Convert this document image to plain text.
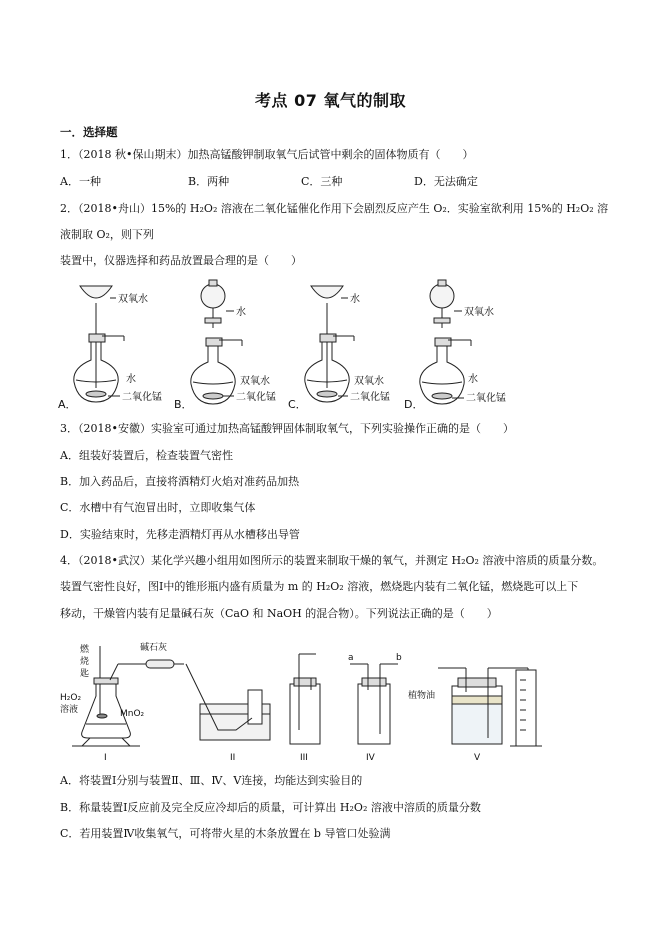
考点 07 氧气的制取
一．选择题
1．（2018 秋•保山期末）加热高锰酸钾制取氧气后试管中剩余的固体物质有（　　）
A．一种	B．两种	C．三种	D．无法确定
2．（2018•舟山）15%的 H₂O₂ 溶液在二氧化锰催化作用下会剧烈反应产生 O₂．实验室欲利用 15%的 H₂O₂ 溶
液制取 O₂，则下列
装置中，仪器选择和药品放置最合理的是（　　）
双氧水
水
二氧化锰
A．
水
双氧水
二氧化锰
B．
水
双氧水
二氧化锰
C．
双氧水
水
二氧化锰
D．
3．（2018•安徽）实验室可通过加热高锰酸钾固体制取氧气，下列实验操作正确的是（　　）
A．组装好装置后，检查装置气密性
B．加入药品后，直接将酒精灯火焰对准药品加热
C．水槽中有气泡冒出时，立即收集气体
D．实验结束时，先移走酒精灯再从水槽移出导管
4．（2018•武汉）某化学兴趣小组用如图所示的装置来制取干燥的氧气，并测定 H₂O₂ 溶液中溶质的质量分数。
装置气密性良好，图Ⅰ中的锥形瓶内盛有质量为 m 的 H₂O₂ 溶液，燃烧匙内装有二氧化锰，燃烧匙可以上下
移动，干燥管内装有足量碱石灰（CaO 和 NaOH 的混合物）。下列说法正确的是（　　）
燃
烧
匙
碱石灰
H₂O₂
溶液	MnO₂
植物油
a	b
I	II	III	IV	V
A．将装置Ⅰ分别与装置Ⅱ、Ⅲ、Ⅳ、Ⅴ连接，均能达到实验目的
B．称量装置Ⅰ反应前及完全反应冷却后的质量，可计算出 H₂O₂ 溶液中溶质的质量分数
C．若用装置Ⅳ收集氧气，可将带火星的木条放置在 b 导管口处验满
